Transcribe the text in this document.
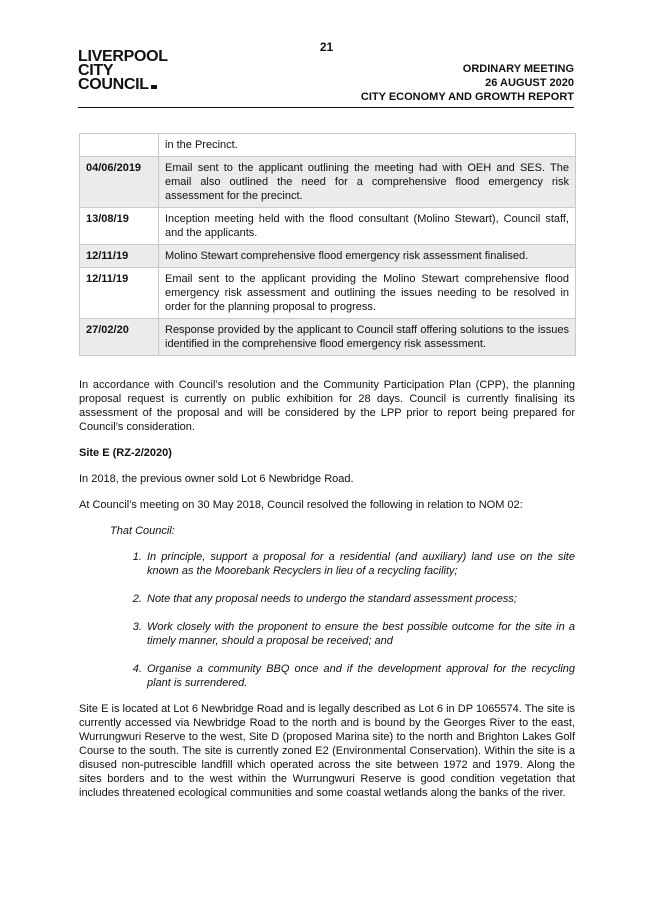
21
LIVERPOOL
CITY
COUNCIL
ORDINARY MEETING
26 AUGUST 2020
CITY ECONOMY AND GROWTH REPORT
	in the Precinct.
04/06/2019	Email sent to the applicant outlining the meeting had with OEH and SES. The email also outlined the need for a comprehensive flood emergency risk assessment for the precinct.
13/08/19	Inception meeting held with the flood consultant (Molino Stewart), Council staff, and the applicants.
12/11/19	Molino Stewart comprehensive flood emergency risk assessment finalised.
12/11/19	Email sent to the applicant providing the Molino Stewart comprehensive flood emergency risk assessment and outlining the issues needing to be resolved in order for the planning proposal to progress.
27/02/20	Response provided by the applicant to Council staff offering solutions to the issues identified in the comprehensive flood emergency risk assessment.

In accordance with Council’s resolution and the Community Participation Plan (CPP), the planning proposal request is currently on public exhibition for 28 days. Council is currently finalising its assessment of the proposal and will be considered by the LPP prior to report being prepared for Council’s consideration.

Site E (RZ-2/2020)

In 2018, the previous owner sold Lot 6 Newbridge Road.

At Council’s meeting on 30 May 2018, Council resolved the following in relation to NOM 02:

That Council:

1. In principle, support a proposal for a residential (and auxiliary) land use on the site known as the Moorebank Recyclers in lieu of a recycling facility;
2. Note that any proposal needs to undergo the standard assessment process;
3. Work closely with the proponent to ensure the best possible outcome for the site in a timely manner, should a proposal be received; and
4. Organise a community BBQ once and if the development approval for the recycling plant is surrendered.

Site E is located at Lot 6 Newbridge Road and is legally described as Lot 6 in DP 1065574. The site is currently accessed via Newbridge Road to the north and is bound by the Georges River to the east, Wurrungwuri Reserve to the west, Site D (proposed Marina site) to the north and Brighton Lakes Golf Course to the south. The site is currently zoned E2 (Environmental Conservation). Within the site is a disused non-putrescible landfill which operated across the site between 1972 and 1979. Along the sites borders and to the west within the Wurrungwuri Reserve is good condition vegetation that includes threatened ecological communities and some coastal wetlands along the banks of the river.
